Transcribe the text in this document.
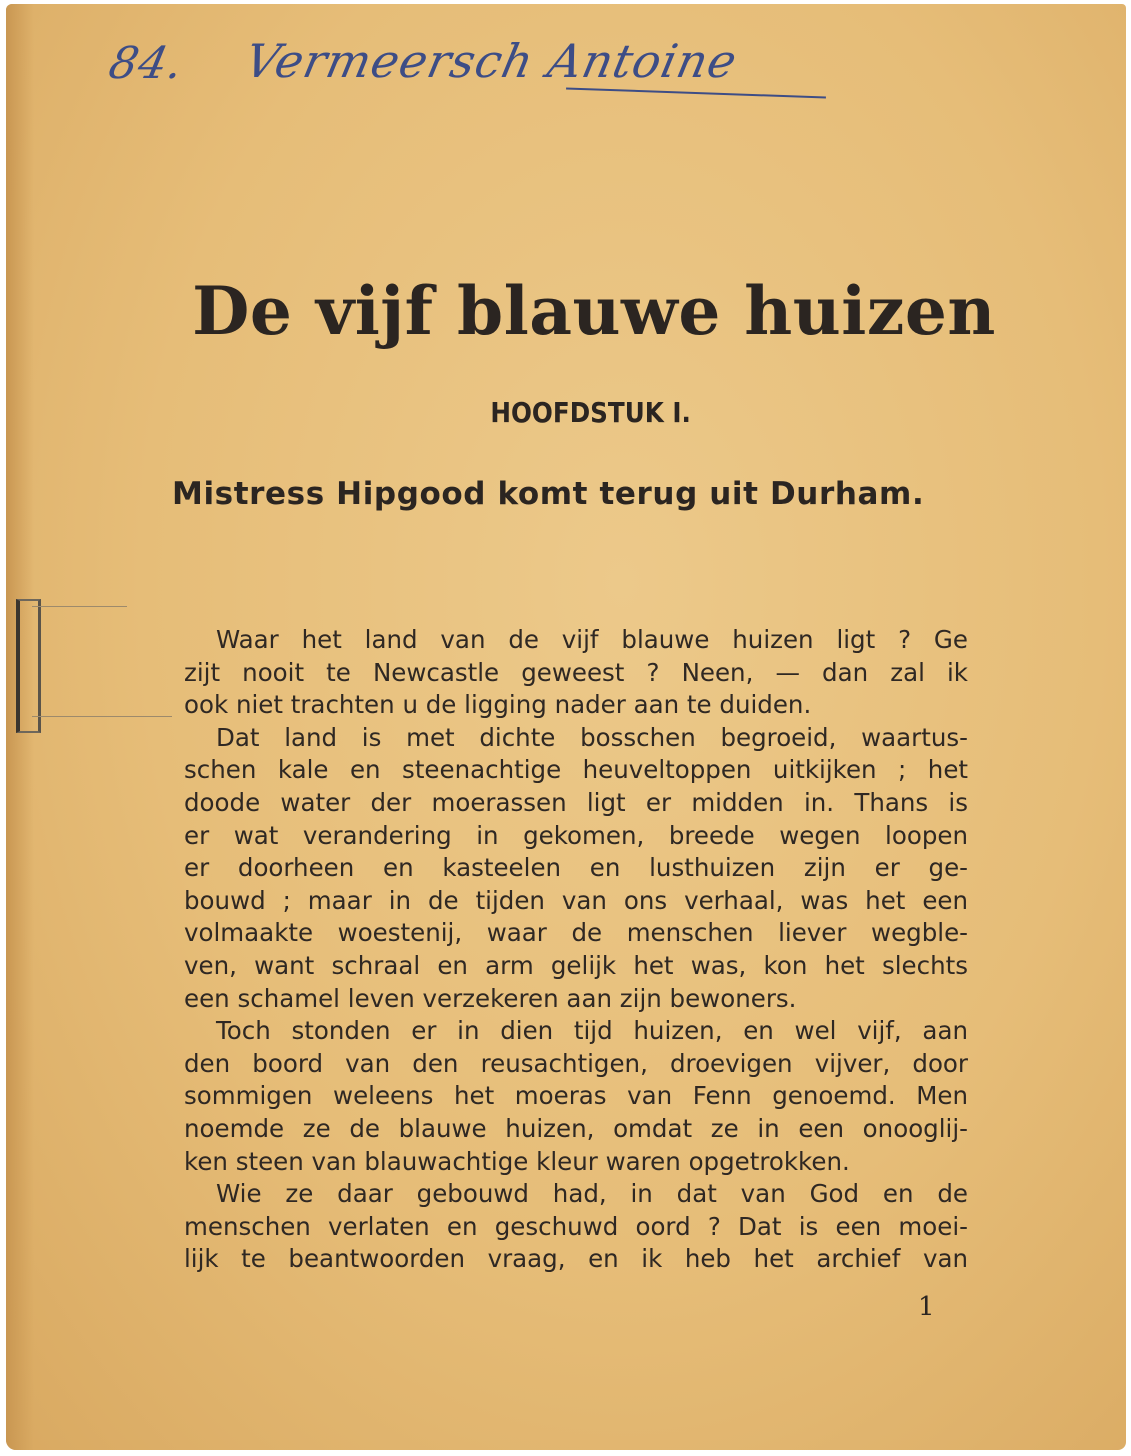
84. Vermeersch Antoine
De vijf blauwe huizen
HOOFDSTUK I.
Mistress Hipgood komt terug uit Durham.
Waar het land van de vijf blauwe huizen ligt ? Ge
zijt nooit te Newcastle geweest ? Neen, — dan zal ik
ook niet trachten u de ligging nader aan te duiden.
Dat land is met dichte bosschen begroeid, waartus-
schen kale en steenachtige heuveltoppen uitkijken ; het
doode water der moerassen ligt er midden in. Thans is
er wat verandering in gekomen, breede wegen loopen
er doorheen en kasteelen en lusthuizen zijn er ge-
bouwd ; maar in de tijden van ons verhaal, was het een
volmaakte woestenij, waar de menschen liever wegble-
ven, want schraal en arm gelijk het was, kon het slechts
een schamel leven verzekeren aan zijn bewoners.
Toch stonden er in dien tijd huizen, en wel vijf, aan
den boord van den reusachtigen, droevigen vijver, door
sommigen weleens het moeras van Fenn genoemd. Men
noemde ze de blauwe huizen, omdat ze in een onooglij-
ken steen van blauwachtige kleur waren opgetrokken.
Wie ze daar gebouwd had, in dat van God en de
menschen verlaten en geschuwd oord ? Dat is een moei-
lijk te beantwoorden vraag, en ik heb het archief van
1
